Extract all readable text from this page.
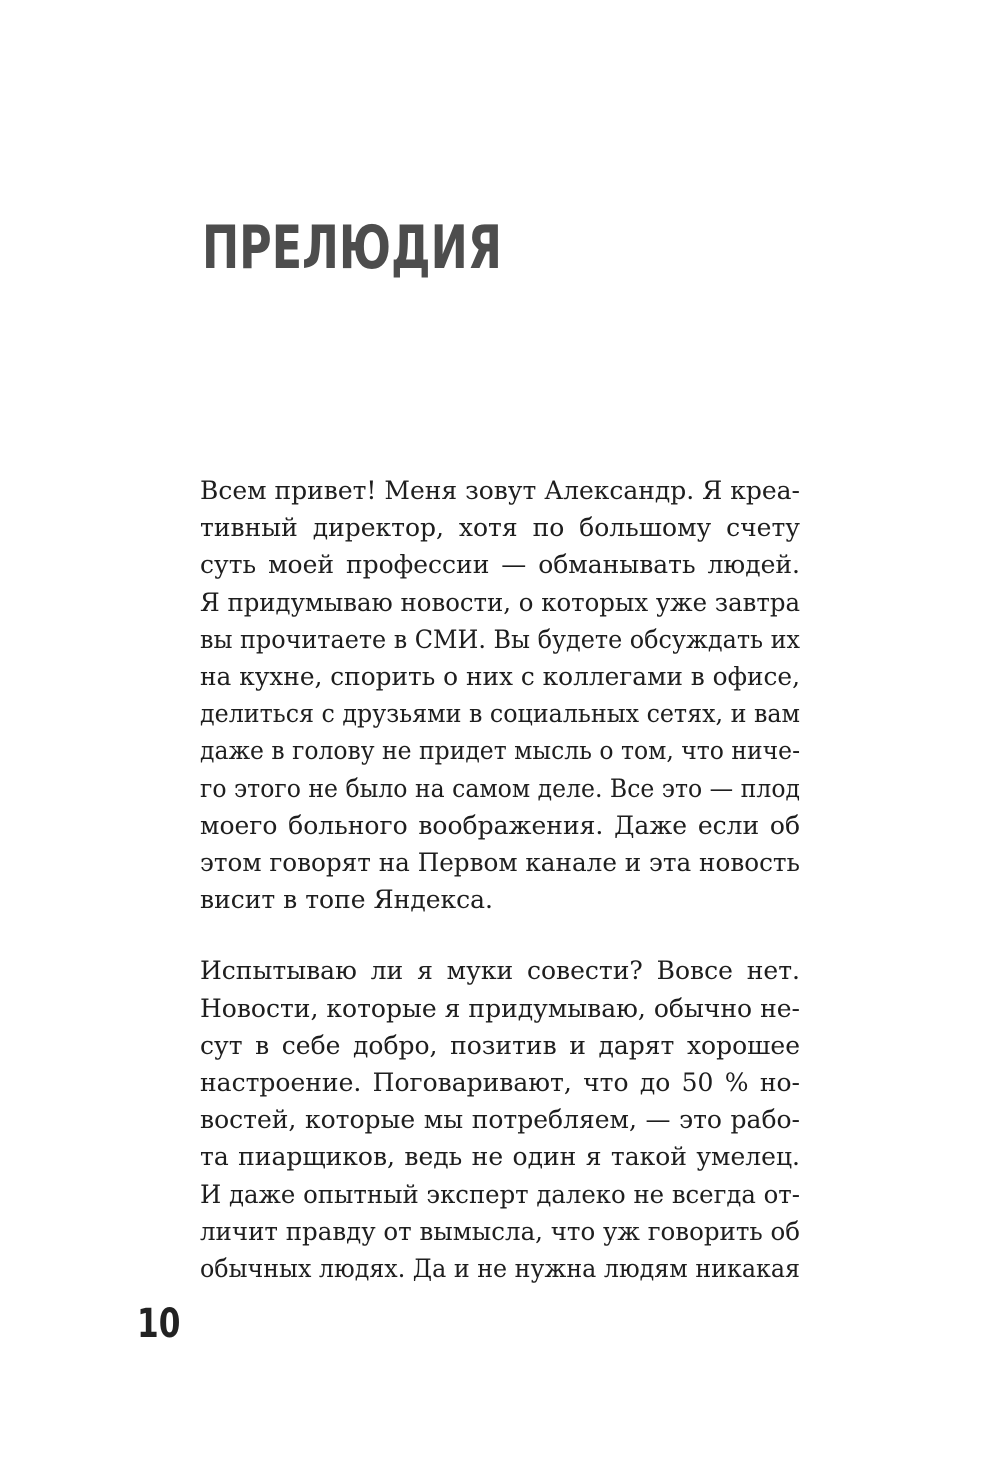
ПРЕЛЮДИЯ

Всем привет! Меня зовут Александр. Я креа-
тивный директор, хотя по большому счету
суть моей профессии — обманывать людей.
Я придумываю новости, о которых уже завтра
вы прочитаете в СМИ. Вы будете обсуждать их
на кухне, спорить о них с коллегами в офисе,
делиться с друзьями в социальных сетях, и вам
даже в голову не придет мысль о том, что ниче-
го этого не было на самом деле. Все это — плод
моего больного воображения. Даже если об
этом говорят на Первом канале и эта новость
висит в топе Яндекса.

Испытываю ли я муки совести? Вовсе нет.
Новости, которые я придумываю, обычно не-
сут в себе добро, позитив и дарят хорошее
настроение. Поговаривают, что до 50 % но-
востей, которые мы потребляем, — это рабо-
та пиарщиков, ведь не один я такой умелец.
И даже опытный эксперт далеко не всегда от-
личит правду от вымысла, что уж говорить об
обычных людях. Да и не нужна людям никакая

10
